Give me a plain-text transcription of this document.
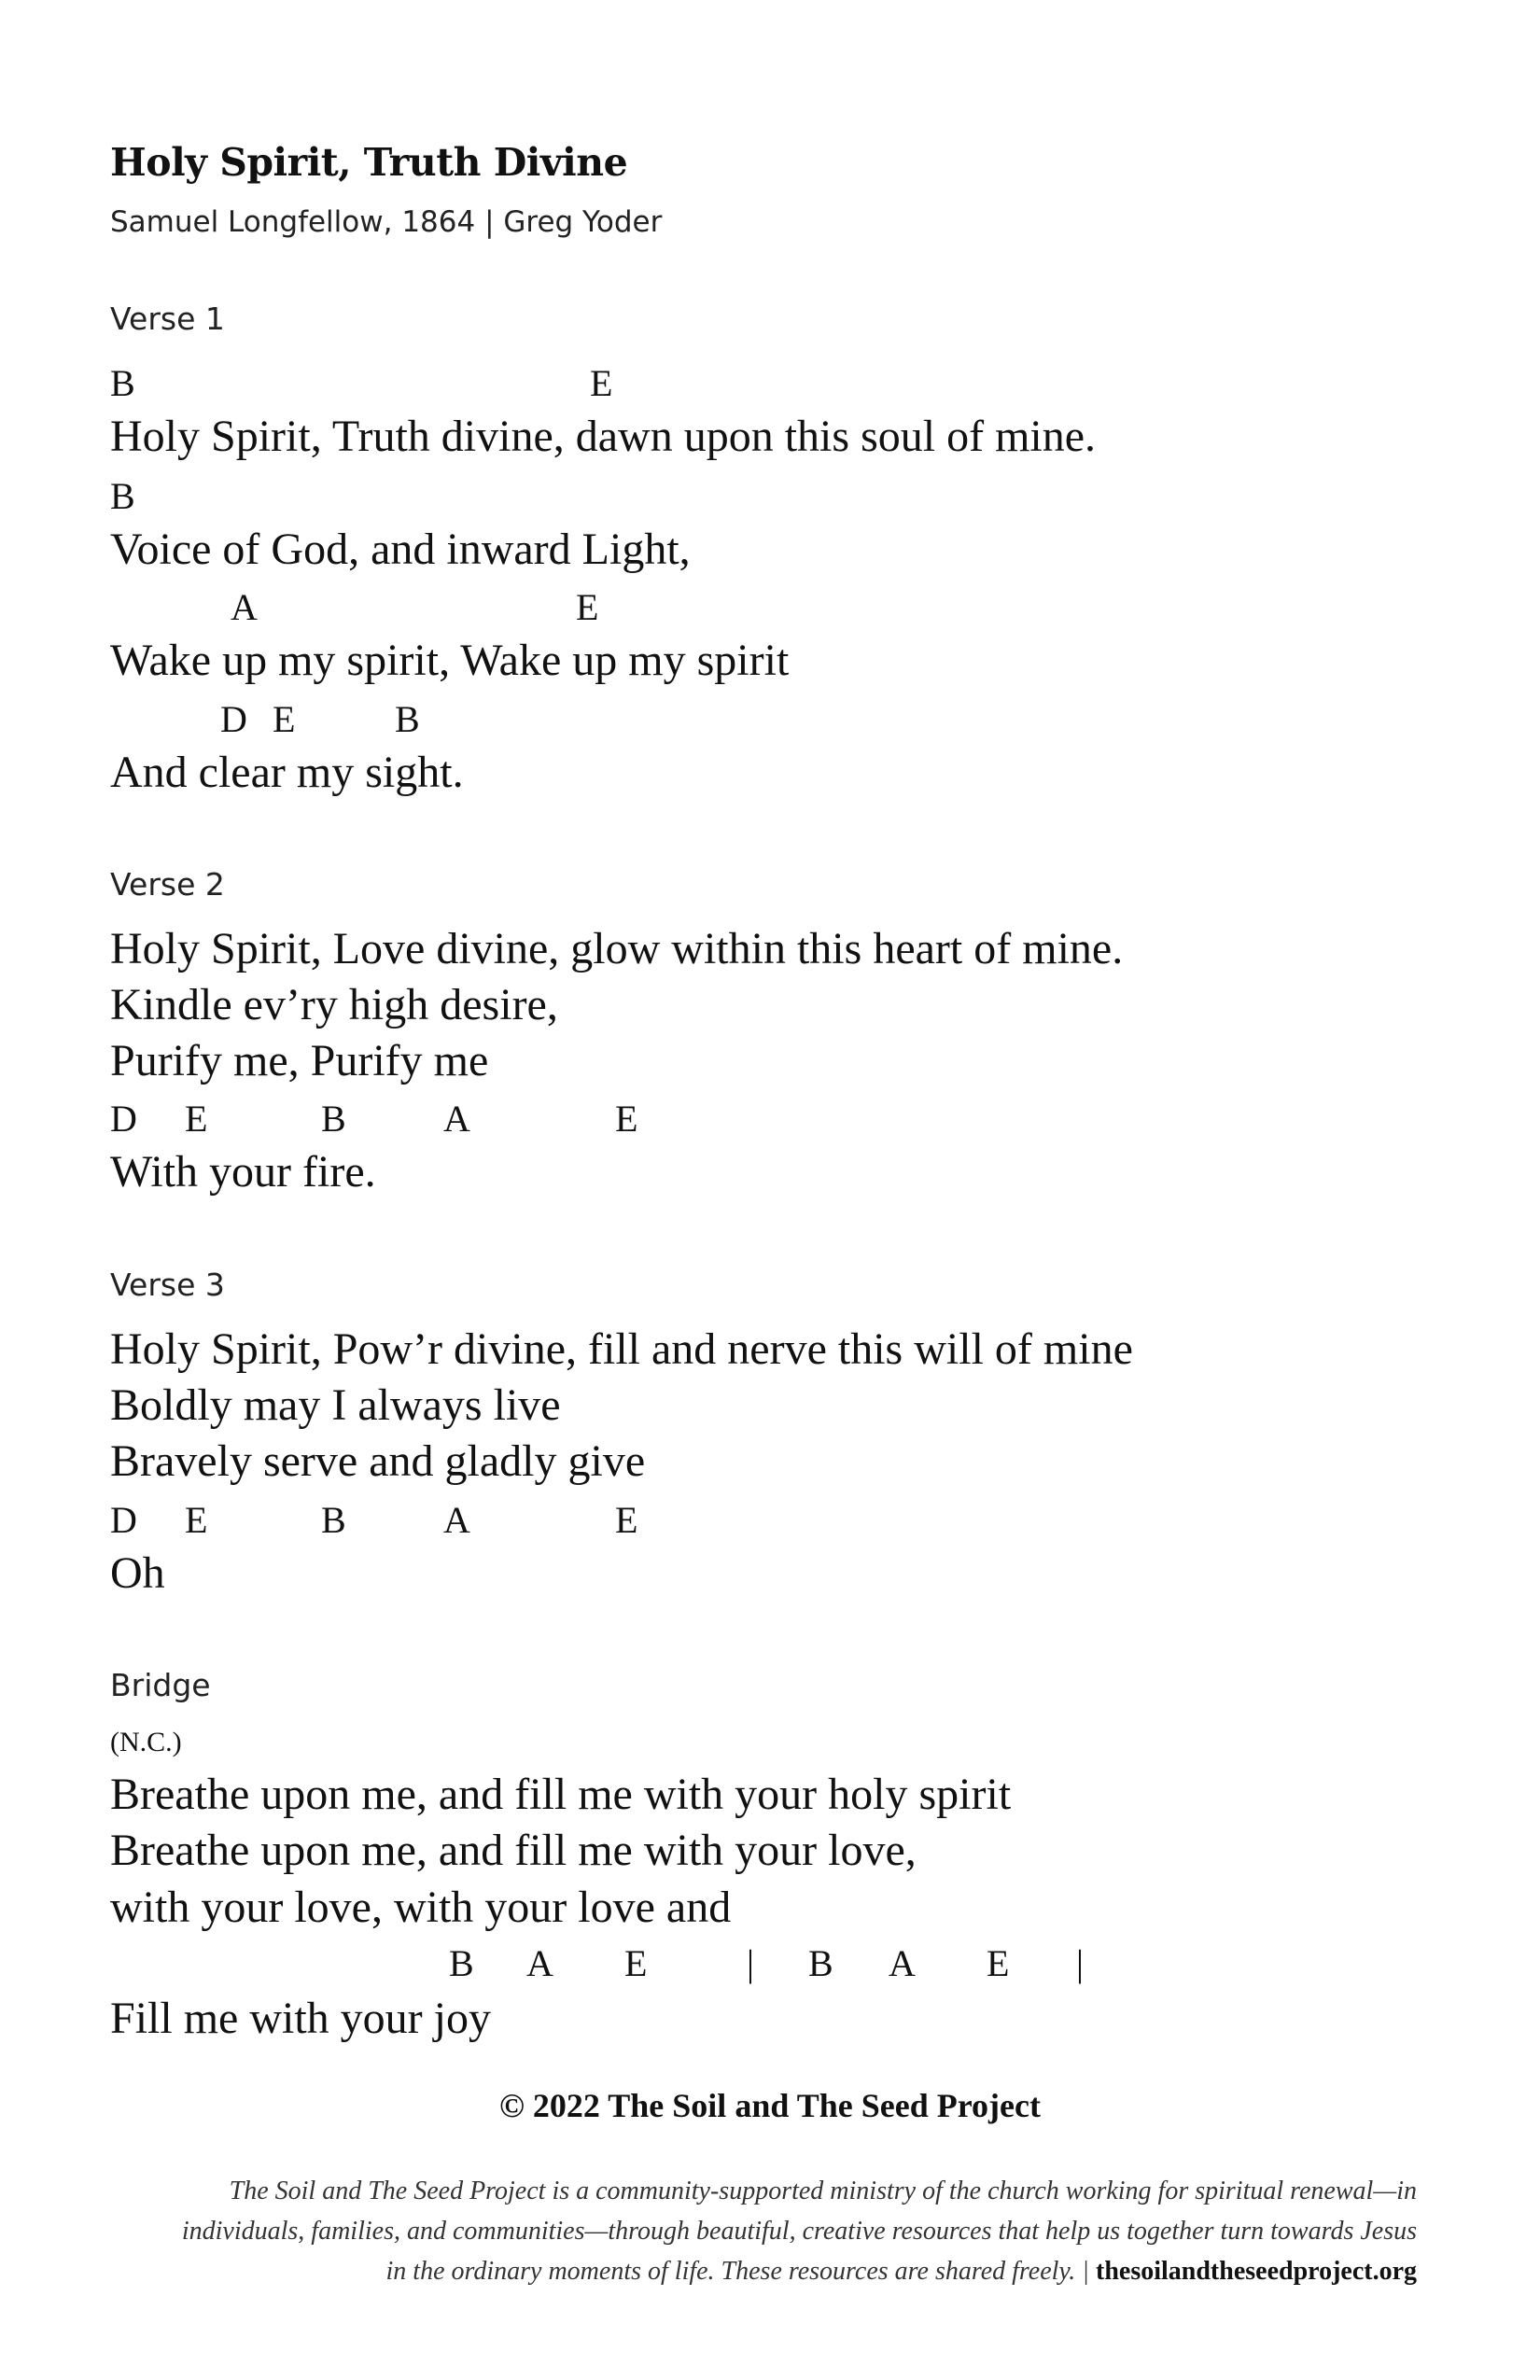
Holy Spirit, Truth Divine
Samuel Longfellow, 1864 | Greg Yoder
Verse 1
B	E
Holy Spirit, Truth divine, dawn upon this soul of mine.
B
Voice of God, and inward Light,
A	E
Wake up my spirit, Wake up my spirit
D E	B
And clear my sight.
Verse 2
Holy Spirit, Love divine, glow within this heart of mine.
Kindle ev’ry high desire,
Purify me, Purify me
D E	B	A	E
With your fire.
Verse 3
Holy Spirit, Pow’r divine, fill and nerve this will of mine
Boldly may I always live
Bravely serve and gladly give
D E	B	A	E
Oh
Bridge
(N.C.)
Breathe upon me, and fill me with your holy spirit
Breathe upon me, and fill me with your love,
with your love, with your love and
B A E	| B A E |
Fill me with your joy
© 2022 The Soil and The Seed Project
The Soil and The Seed Project is a community-supported ministry of the church working for spiritual renewal—in
individuals, families, and communities—through beautiful, creative resources that help us together turn towards Jesus
in the ordinary moments of life. These resources are shared freely. | thesoilandtheseedproject.org
